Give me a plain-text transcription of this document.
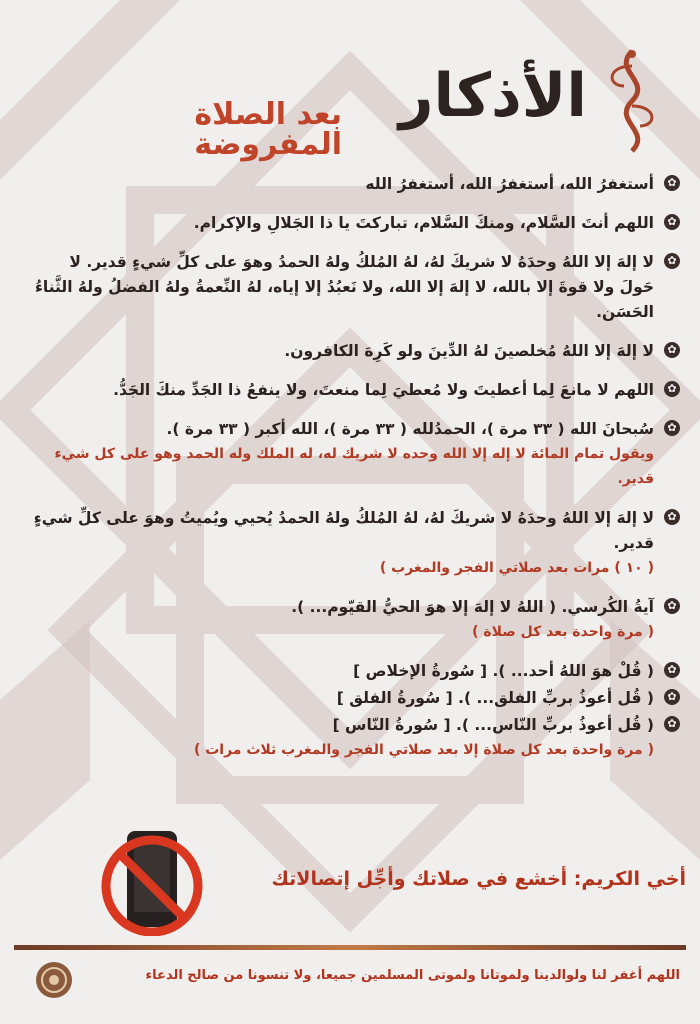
الأذكار
بعد الصلاة المفروضة
✿
أستغفرُ الله، أستغفرُ الله، أستغفرُ الله
✿
اللهم أنتَ السَّلام، ومنكَ السَّلام، تباركتَ يا ذا الجَلالِ والإكرام.
✿
لا إلهَ إلا اللهُ وحدَهُ لا شريكَ لهُ، لهُ المُلكُ ولهُ الحمدُ وهوَ على كلِّ شيءٍ قدير. لا حَولَ ولا قوةَ إلا بالله، لا إلهَ إلا الله، ولا نَعبُدُ إلا إياه، لهُ النِّعمةُ ولهُ الفضلُ ولهُ الثَّناءُ الحَسَن.
✿
لا إلهَ إلا اللهُ مُخلصينَ لهُ الدِّينَ ولو كَرِهَ الكافرون.
✿
اللهم لا مانعَ لِما أعطيتَ ولا مُعطيَ لِما منعتَ، ولا ينفعُ ذا الجَدِّ منكَ الجَدُّ.
✿
سُبحانَ الله ( ٣٣ مرة )، الحمدُلله ( ٣٣ مرة )، الله أكبر ( ٣٣ مرة ).
ويقول تمام المائة لا إله إلا الله وحده لا شريك له، له الملك وله الحمد وهو على كل شيء قدير.
✿
لا إلهَ إلا اللهُ وحدَهُ لا شريكَ لهُ، لهُ المُلكُ ولهُ الحمدُ يُحيي ويُميتُ وهوَ على كلِّ شيءٍ قدير.
( ١٠ ) مرات بعد صلاتي الفجر والمغرب )
✿
آيةُ الكُرسي. ( اللهُ لا إلهَ إلا هوَ الحيُّ القيّوم... ).
( مرة واحدة بعد كل صلاة )
✿
( قُلْ هوَ اللهُ أحد... ). [ سُورةُ الإخلاص ]
✿
( قُل أعوذُ بربِّ الفلق... ). [ سُورةُ الفلق ]
✿
( قُل أعوذُ بربِّ النّاس... ). [ سُورةُ النّاس ]
( مرة واحدة بعد كل صلاة إلا بعد صلاتي الفجر والمغرب ثلاث مرات )
أخي الكريم: أخشع في صلاتك وأجِّل إتصالاتك
اللهم أغفر لنا ولوالدينا ولموتانا ولموتى المسلمين جميعا، ولا تنسونا من صالح الدعاء
